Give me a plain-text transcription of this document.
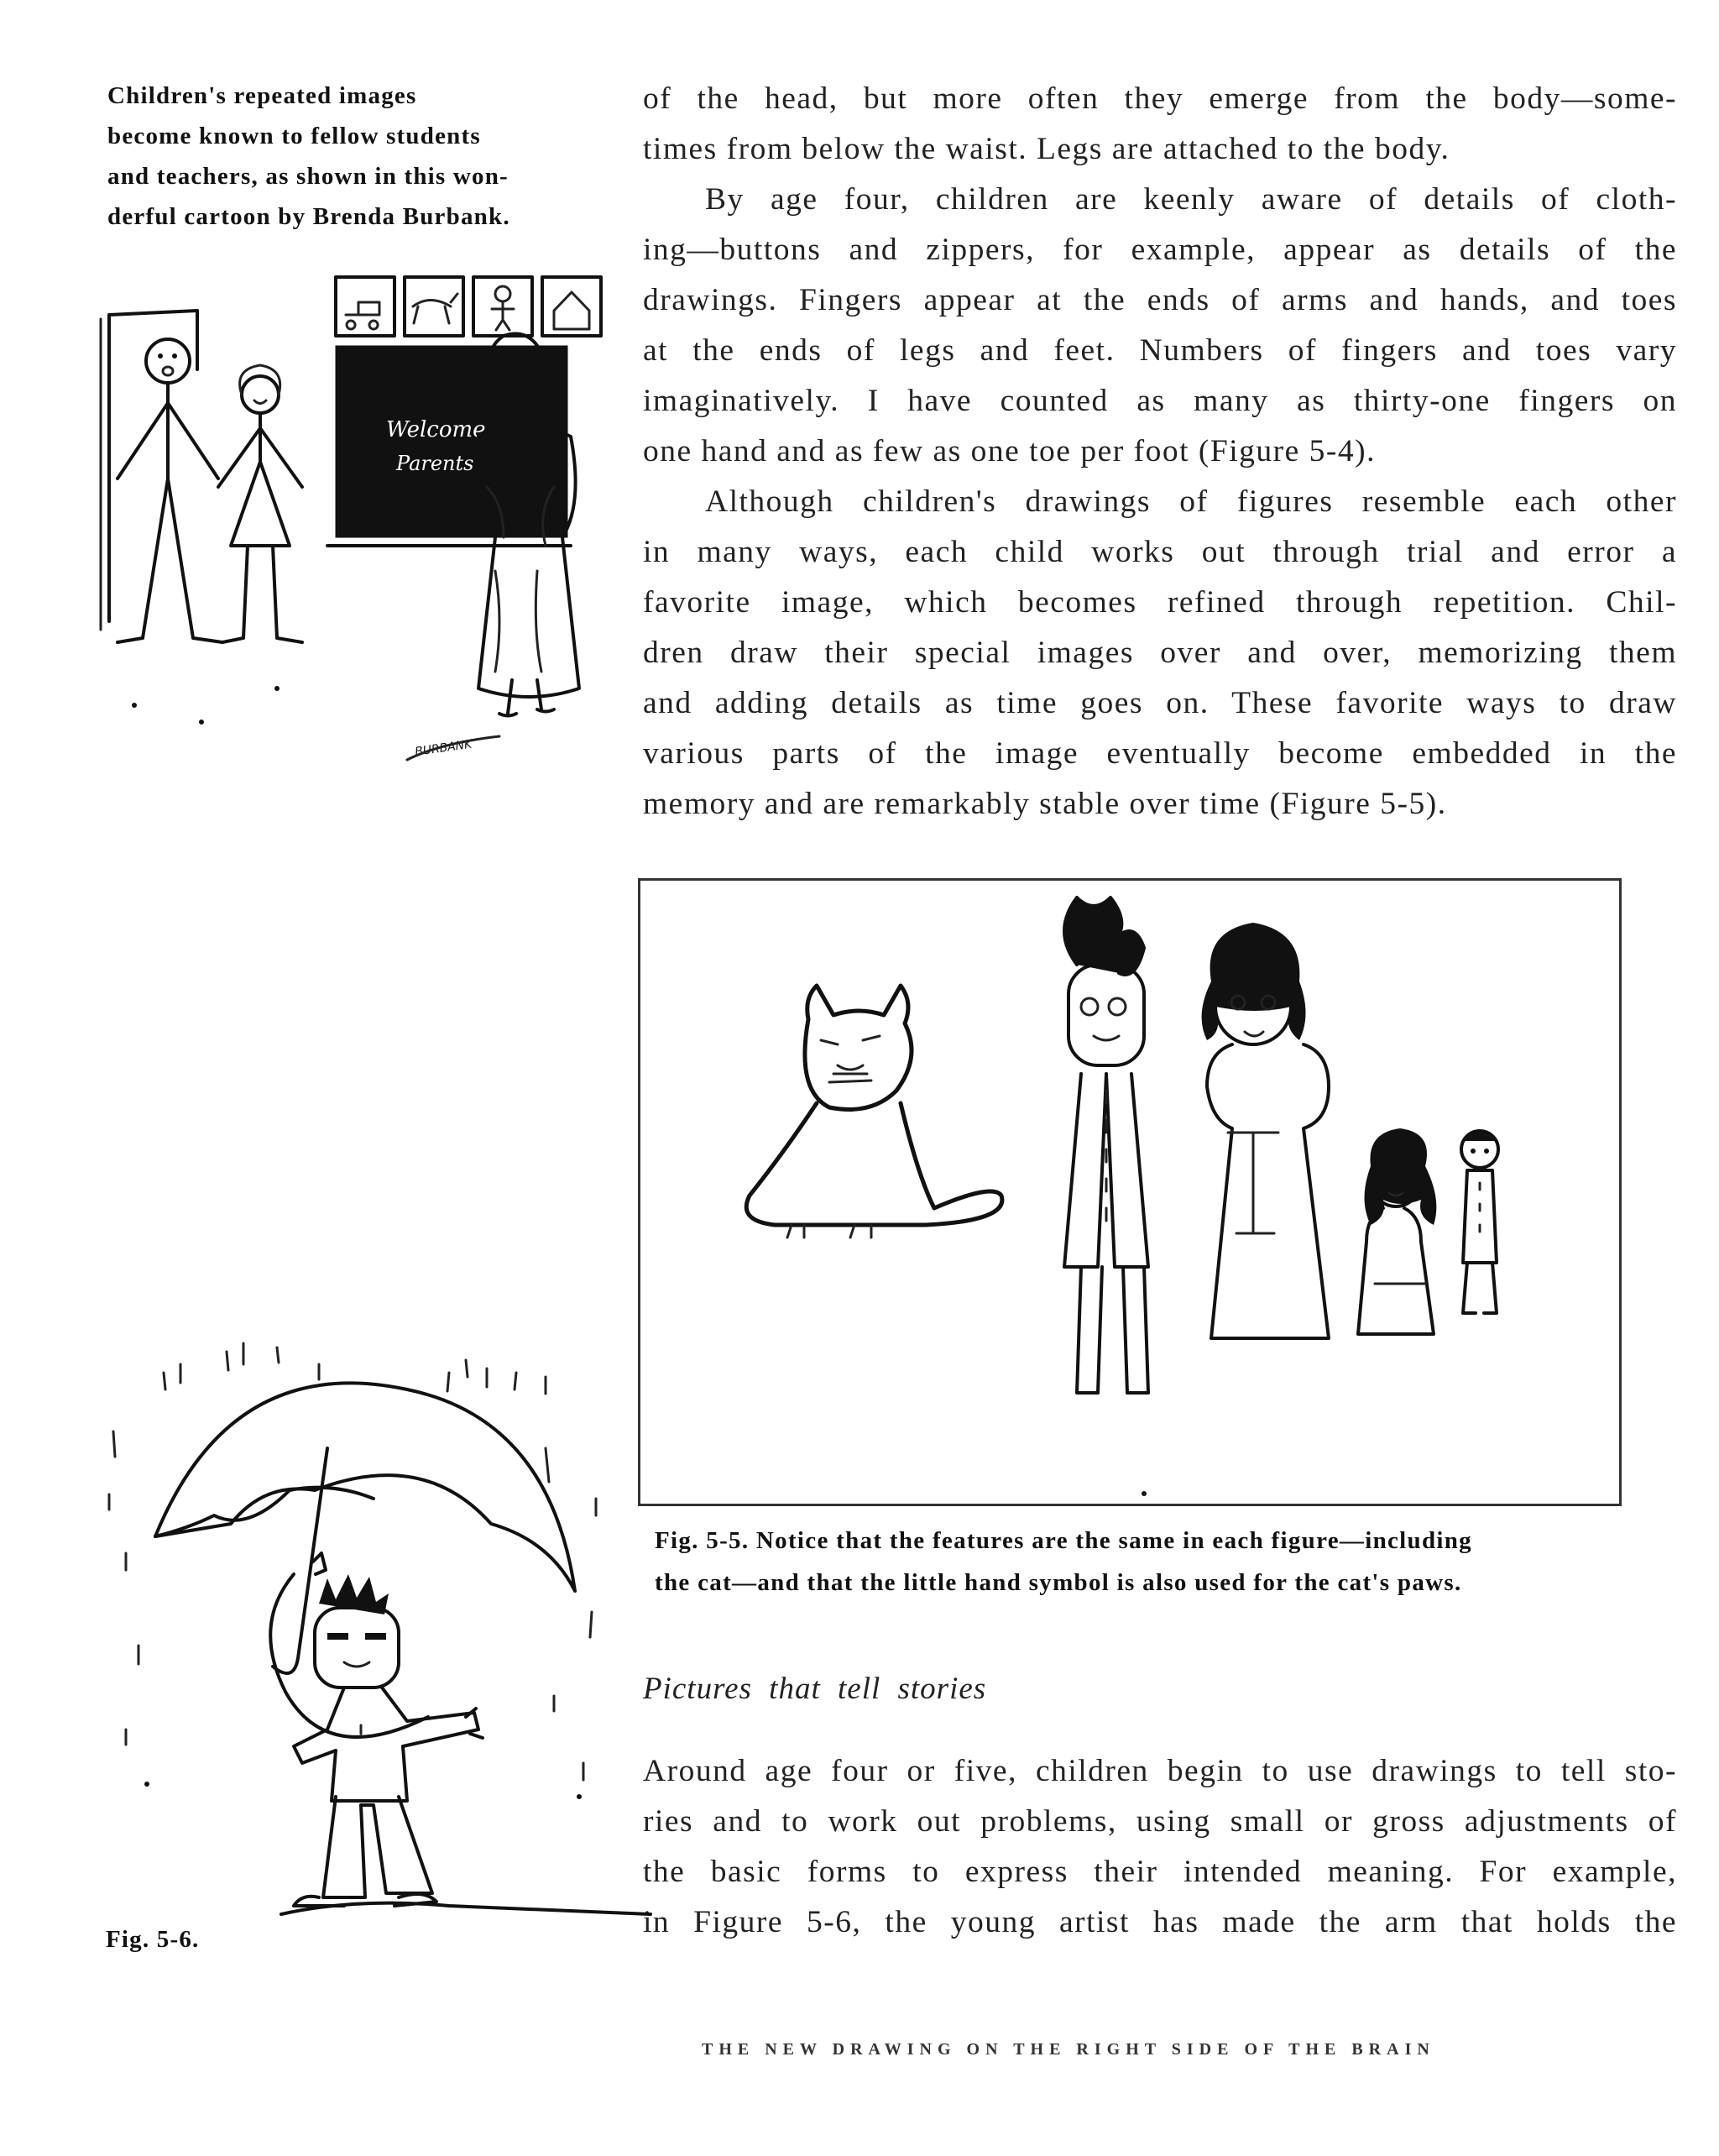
Children's repeated images
become known to fellow students
and teachers, as shown in this won-
derful cartoon by Brenda Burbank.
Welcome
Parents
BURBANK
of the head, but more often they emerge from the body—some-
times from below the waist. Legs are attached to the body.
By age four, children are keenly aware of details of cloth-
ing—buttons and zippers, for example, appear as details of the
drawings. Fingers appear at the ends of arms and hands, and toes
at the ends of legs and feet. Numbers of fingers and toes vary
imaginatively. I have counted as many as thirty-one fingers on
one hand and as few as one toe per foot (Figure 5-4).
Although children's drawings of figures resemble each other
in many ways, each child works out through trial and error a
favorite image, which becomes refined through repetition. Chil-
dren draw their special images over and over, memorizing them
and adding details as time goes on. These favorite ways to draw
various parts of the image eventually become embedded in the
memory and are remarkably stable over time (Figure 5-5).
Fig. 5-5. Notice that the features are the same in each figure—including
the cat—and that the little hand symbol is also used for the cat's paws.
Pictures that tell stories
Around age four or five, children begin to use drawings to tell sto-
ries and to work out problems, using small or gross adjustments of
the basic forms to express their intended meaning. For example,
in Figure 5-6, the young artist has made the arm that holds the
Fig. 5-6.
THE NEW DRAWING ON THE RIGHT SIDE OF THE BRAIN
